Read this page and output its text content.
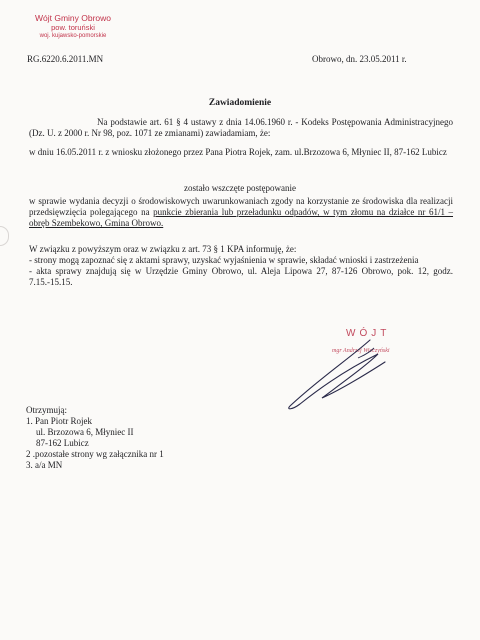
Wójt Gminy Obrowo
pow. toruński
woj. kujawsko-pomorskie
RG.6220.6.2011.MN	Obrowo, dn. 23.05.2011 r.
Zawiadomienie
Na podstawie art. 61 § 4 ustawy z dnia 14.06.1960 r. - Kodeks Postępowania Administracyjnego (Dz. U. z 2000 r. Nr 98, poz. 1071 ze zmianami) zawiadamiam, że:
w dniu 16.05.2011 r. z wniosku złożonego przez Pana Piotra Rojek, zam. ul.Brzozowa 6, Młyniec II, 87-162 Lubicz
zostało wszczęte postępowanie
w sprawie wydania decyzji o środowiskowych uwarunkowaniach zgody na korzystanie ze środowiska dla realizacji przedsięwzięcia polegającego na punkcie zbierania lub przeładunku odpadów, w tym złomu na działce nr 61/1 – obręb Szembekowo, Gmina Obrowo.
W związku z powyższym oraz w związku z art. 73 § 1 KPA informuję, że:
- strony mogą zapoznać się z aktami sprawy, uzyskać wyjaśnienia w sprawie, składać wnioski i zastrzeżenia
- akta sprawy znajdują się w Urzędzie Gminy Obrowo, ul. Aleja Lipowa 27, 87-126 Obrowo, pok. 12, godz. 7.15.-15.15.
WÓJT
mgr Andrzej Wieczyński
Otrzymują:
1. Pan Piotr Rojek
ul. Brzozowa 6, Młyniec II
87-162 Lubicz
2 .pozostałe strony wg załącznika nr 1
3. a/a MN
